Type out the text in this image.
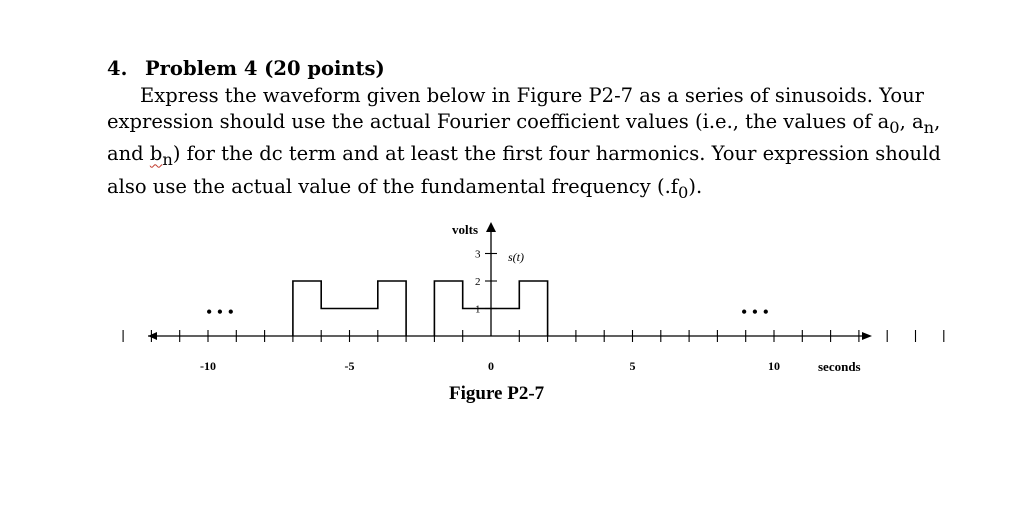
4. Problem 4 (20 points)
Express the waveform given below in Figure P2-7 as a series of sinusoids. Your
expression should use the actual Fourier coefficient values (i.e., the values of $a_0$, $a_n$,
and $b_n$) for the dc term and at least the first four harmonics. Your expression should
also use the actual value of the fundamental frequency $(.f_0)$.
1
2
3
-10	-5	0	5	10
volts
s(t)
seconds
• • •	• • •
Figure P2-7
